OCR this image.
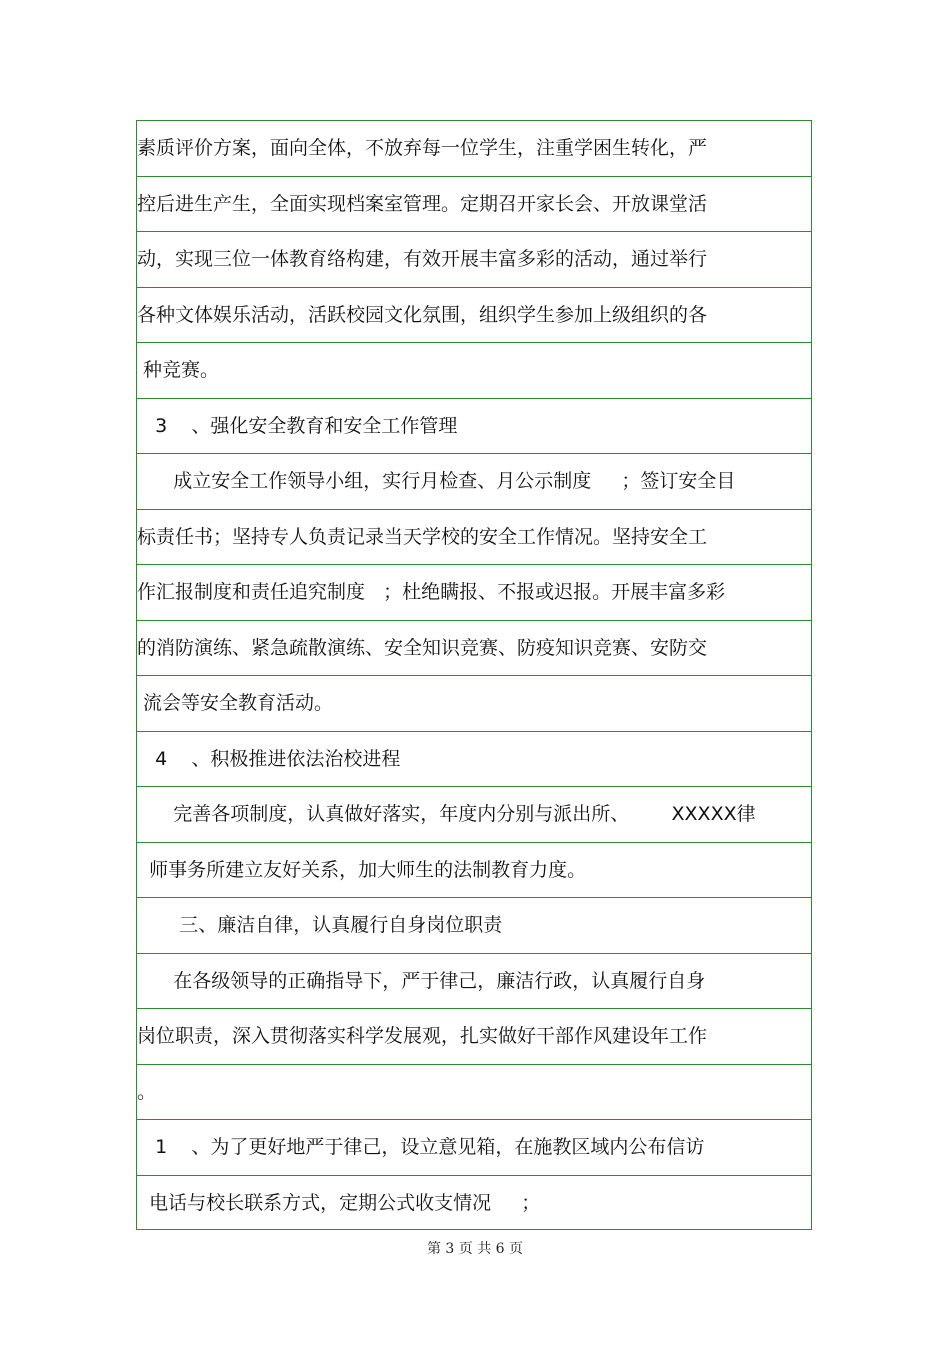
素质评价方案，面向全体，不放弃每一位学生，注重学困生转化，严
控后进生产生，全面实现档案室管理。定期召开家长会、开放课堂活
动，实现三位一体教育络构建，有效开展丰富多彩的活动，通过举行
各种文体娱乐活动，活跃校园文化氛围，组织学生参加上级组织的各
种竞赛。
3    、强化安全教育和安全工作管理
成立安全工作领导小组，实行月检查、月公示制度     ；签订安全目
标责任书；坚持专人负责记录当天学校的安全工作情况。坚持安全工
作汇报制度和责任追究制度   ；杜绝瞒报、不报或迟报。开展丰富多彩
的消防演练、紧急疏散演练、安全知识竞赛、防疫知识竞赛、安防交
流会等安全教育活动。
4    、积极推进依法治校进程
完善各项制度，认真做好落实，年度内分别与派出所、       XXXXX律
师事务所建立友好关系，加大师生的法制教育力度。
三、廉洁自律，认真履行自身岗位职责
在各级领导的正确指导下，严于律己，廉洁行政，认真履行自身
岗位职责，深入贯彻落实科学发展观，扎实做好干部作风建设年工作
。
1    、为了更好地严于律己，设立意见箱，在施教区域内公布信访
电话与校长联系方式，定期公式收支情况     ；
第 3 页 共 6 页
